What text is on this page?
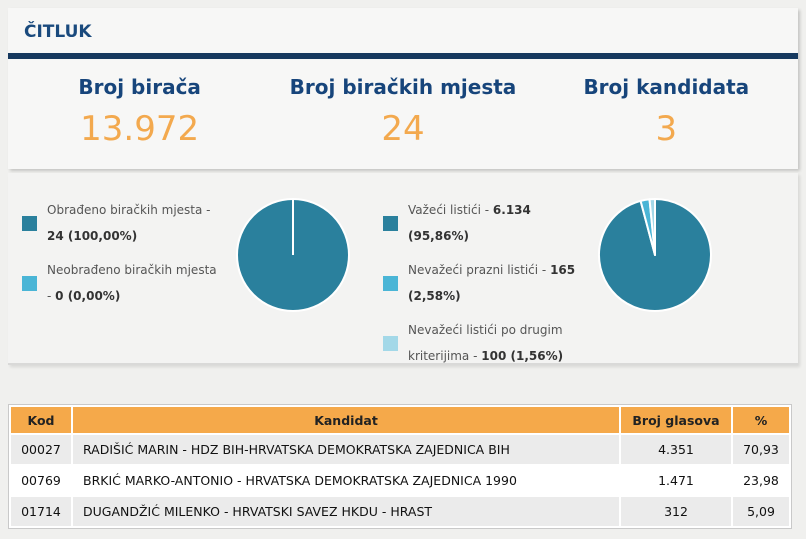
ČITLUK
Broj birača
13.972
Broj biračkih mjesta
24
Broj kandidata
3
Obrađeno biračkih mjesta - 24 (100,00%)
Neobrađeno biračkih mjesta - 0 (0,00%)
Važeći listići - 6.134 (95,86%)
Nevažeći prazni listići - 165 (2,58%)
Nevažeći listići po drugim kriterijima - 100 (1,56%)
Kod	Kandidat	Broj glasova	%
00027	RADIŠIĆ MARIN - HDZ BIH-HRVATSKA DEMOKRATSKA ZAJEDNICA BIH	4.351	70,93
00769	BRKIĆ MARKO-ANTONIO - HRVATSKA DEMOKRATSKA ZAJEDNICA 1990	1.471	23,98
01714	DUGANDŽIĆ MILENKO - HRVATSKI SAVEZ HKDU - HRAST	312	5,09
